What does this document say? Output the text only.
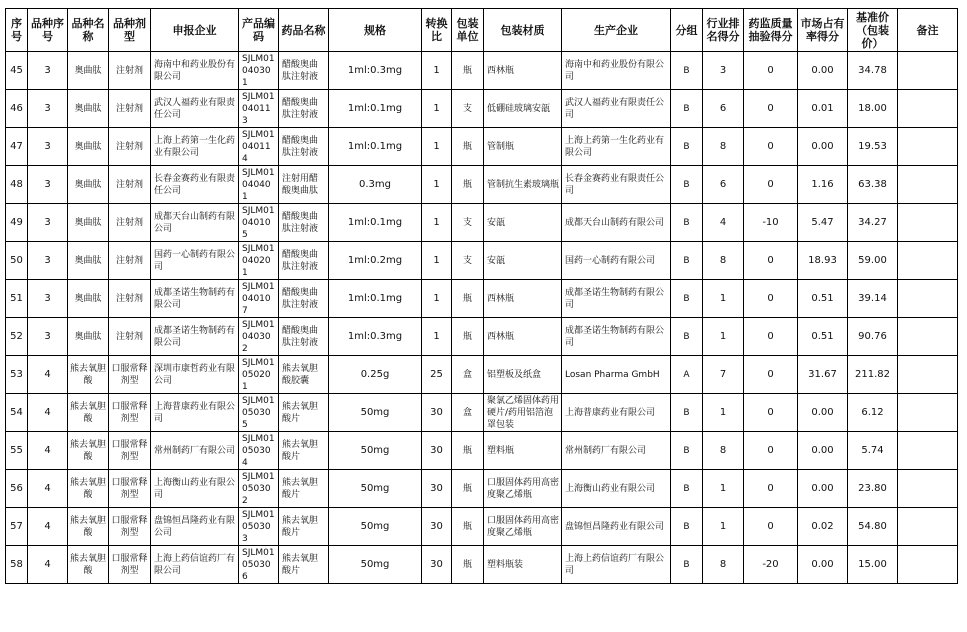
序号	品种序号	品种名称	品种剂型	申报企业	产品编码	药品名称	规格	转换比	包装单位	包装材质	生产企业	分组	行业排名得分	药监质量抽验得分	市场占有率得分	基准价（包装价）	备注
45	3	奥曲肽	注射剂	海南中和药业股份有限公司	SJLM01040301	醋酸奥曲肽注射液	1ml:0.3mg	1	瓶	西林瓶	海南中和药业股份有限公司	B	3	0	0.00	34.78	
46	3	奥曲肽	注射剂	武汉人福药业有限责任公司	SJLM01040113	醋酸奥曲肽注射液	1ml:0.1mg	1	支	低硼硅玻璃安瓿	武汉人福药业有限责任公司	B	6	0	0.01	18.00	
47	3	奥曲肽	注射剂	上海上药第一生化药业有限公司	SJLM01040114	醋酸奥曲肽注射液	1ml:0.1mg	1	瓶	管制瓶	上海上药第一生化药业有限公司	B	8	0	0.00	19.53	
48	3	奥曲肽	注射剂	长春金赛药业有限责任公司	SJLM01040401	注射用醋酸奥曲肽	0.3mg	1	瓶	管制抗生素玻璃瓶	长春金赛药业有限责任公司	B	6	0	1.16	63.38	
49	3	奥曲肽	注射剂	成都天台山制药有限公司	SJLM01040105	醋酸奥曲肽注射液	1ml:0.1mg	1	支	安瓿	成都天台山制药有限公司	B	4	-10	5.47	34.27	
50	3	奥曲肽	注射剂	国药一心制药有限公司	SJLM01040201	醋酸奥曲肽注射液	1ml:0.2mg	1	支	安瓿	国药一心制药有限公司	B	8	0	18.93	59.00	
51	3	奥曲肽	注射剂	成都圣诺生物制药有限公司	SJLM01040107	醋酸奥曲肽注射液	1ml:0.1mg	1	瓶	西林瓶	成都圣诺生物制药有限公司	B	1	0	0.51	39.14	
52	3	奥曲肽	注射剂	成都圣诺生物制药有限公司	SJLM01040302	醋酸奥曲肽注射液	1ml:0.3mg	1	瓶	西林瓶	成都圣诺生物制药有限公司	B	1	0	0.51	90.76	
53	4	熊去氧胆酸	口服常释剂型	深圳市康哲药业有限公司	SJLM01050201	熊去氧胆酸胶囊	0.25g	25	盒	铝塑板及纸盒	Losan Pharma GmbH	A	7	0	31.67	211.82	
54	4	熊去氧胆酸	口服常释剂型	上海普康药业有限公司	SJLM01050305	熊去氧胆酸片	50mg	30	盒	聚氯乙烯固体药用硬片/药用铝箔泡罩包装	上海普康药业有限公司	B	1	0	0.00	6.12	
55	4	熊去氧胆酸	口服常释剂型	常州制药厂有限公司	SJLM01050304	熊去氧胆酸片	50mg	30	瓶	塑料瓶	常州制药厂有限公司	B	8	0	0.00	5.74	
56	4	熊去氧胆酸	口服常释剂型	上海衡山药业有限公司	SJLM01050302	熊去氧胆酸片	50mg	30	瓶	口服固体药用高密度聚乙烯瓶	上海衡山药业有限公司	B	1	0	0.00	23.80	
57	4	熊去氧胆酸	口服常释剂型	盘锦恒昌隆药业有限公司	SJLM01050303	熊去氧胆酸片	50mg	30	瓶	口服固体药用高密度聚乙烯瓶	盘锦恒昌隆药业有限公司	B	1	0	0.02	54.80	
58	4	熊去氧胆酸	口服常释剂型	上海上药信谊药厂有限公司	SJLM01050306	熊去氧胆酸片	50mg	30	瓶	塑料瓶装	上海上药信谊药厂有限公司	B	8	-20	0.00	15.00	
